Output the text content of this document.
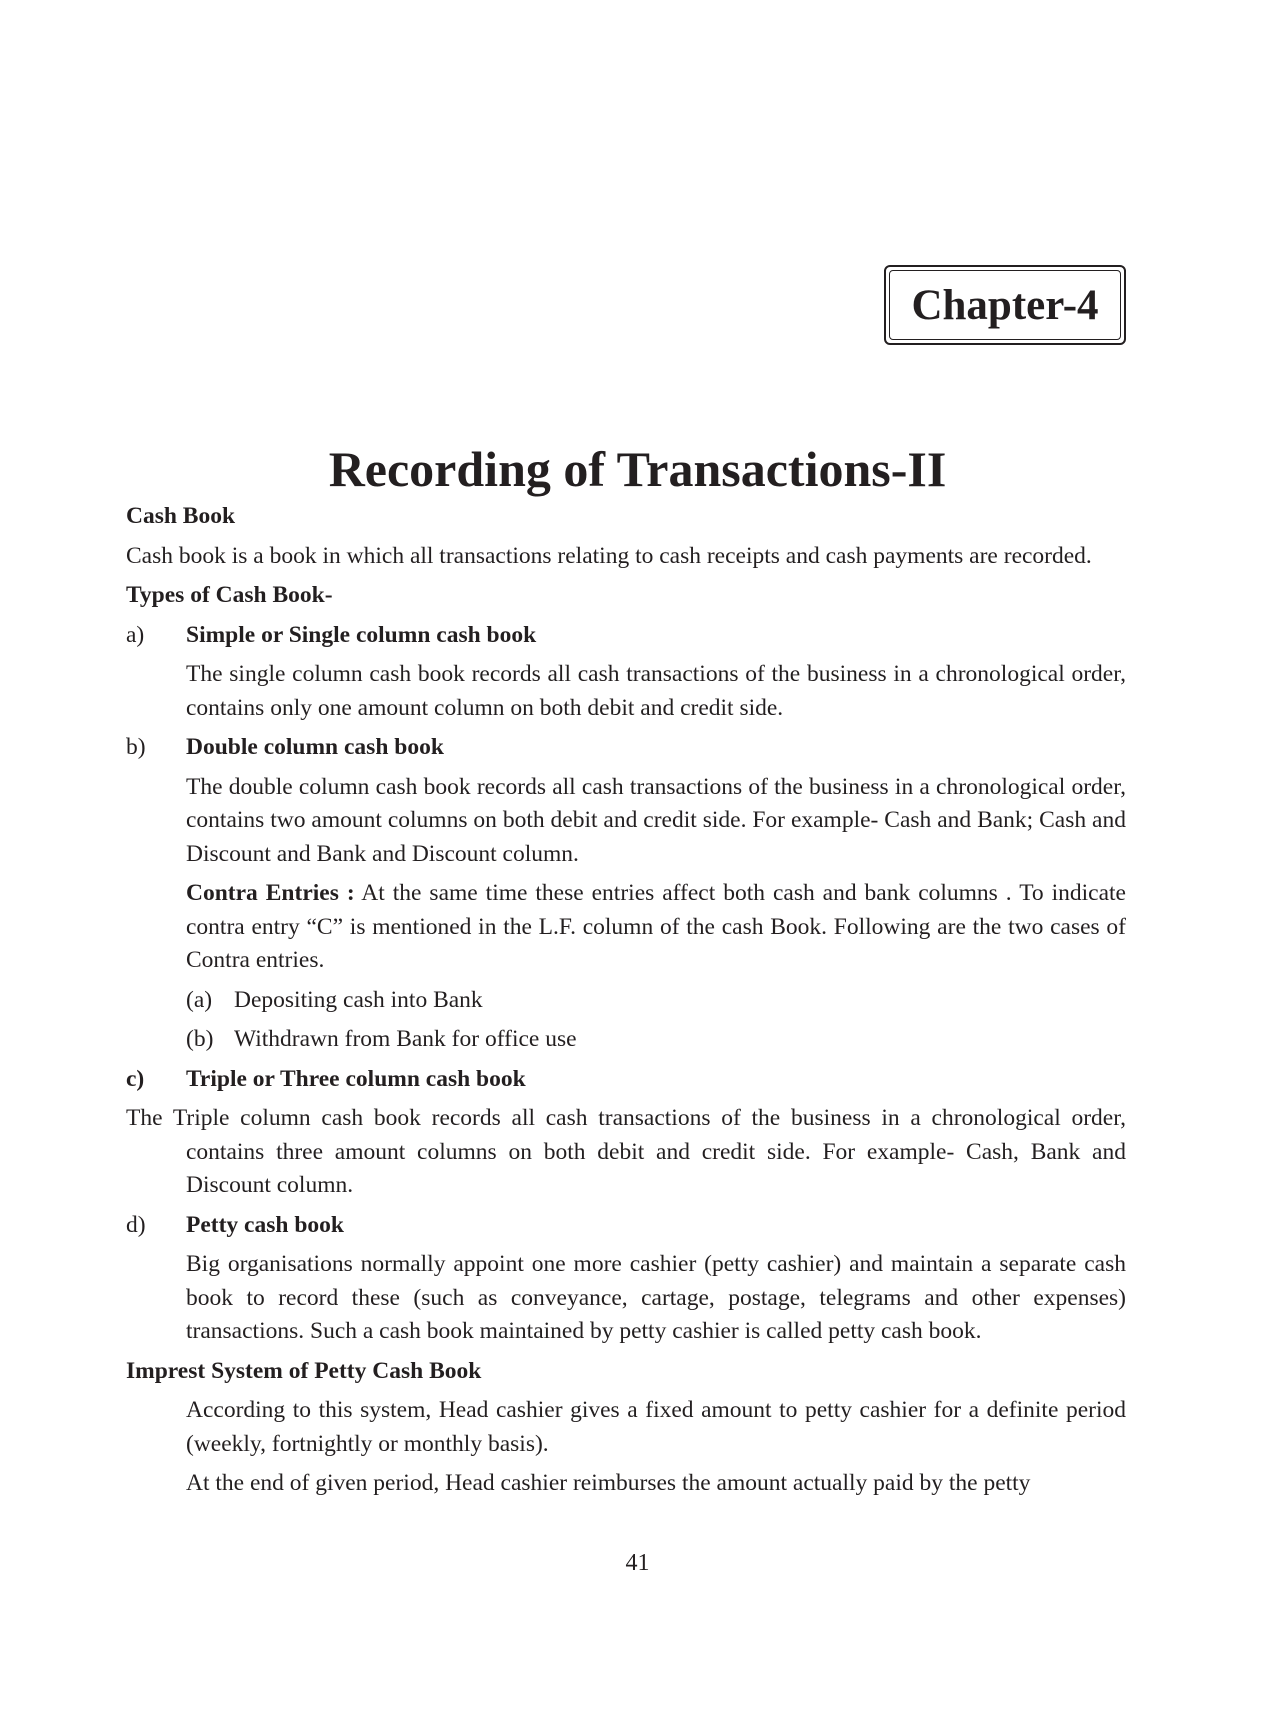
Chapter-4
Recording of Transactions-II

Cash Book

Cash book is a book in which all transactions relating to cash receipts and cash payments are recorded.

Types of Cash Book-

a)	Simple or Single column cash book

The single column cash book records all cash transactions of the business in a chronological order, contains only one amount column on both debit and credit side.

b)	Double column cash book

The double column cash book records all cash transactions of the business in a chronological order, contains two amount columns on both debit and credit side. For example- Cash and Bank; Cash and Discount and Bank and Discount column.

Contra Entries : At the same time these entries affect both cash and bank columns . To indicate contra entry “C” is mentioned in the L.F. column of the cash Book. Following are the two cases of Contra entries.

(a) Depositing cash into Bank
(b) Withdrawn from Bank for office use
c)	Triple or Three column cash book

The Triple column cash book records all cash transactions of the business in a chronological order, contains three amount columns on both debit and credit side. For example- Cash, Bank and Discount column.

d)	Petty cash book

Big organisations normally appoint one more cashier (petty cashier) and maintain a separate cash book to record these (such as conveyance, cartage, postage, telegrams and other expenses) transactions. Such a cash book maintained by petty cashier is called petty cash book.

Imprest System of Petty Cash Book

According to this system, Head cashier gives a fixed amount to petty cashier for a definite period (weekly, fortnightly or monthly basis).

At the end of given period, Head cashier reimburses the amount actually paid by the petty

41
